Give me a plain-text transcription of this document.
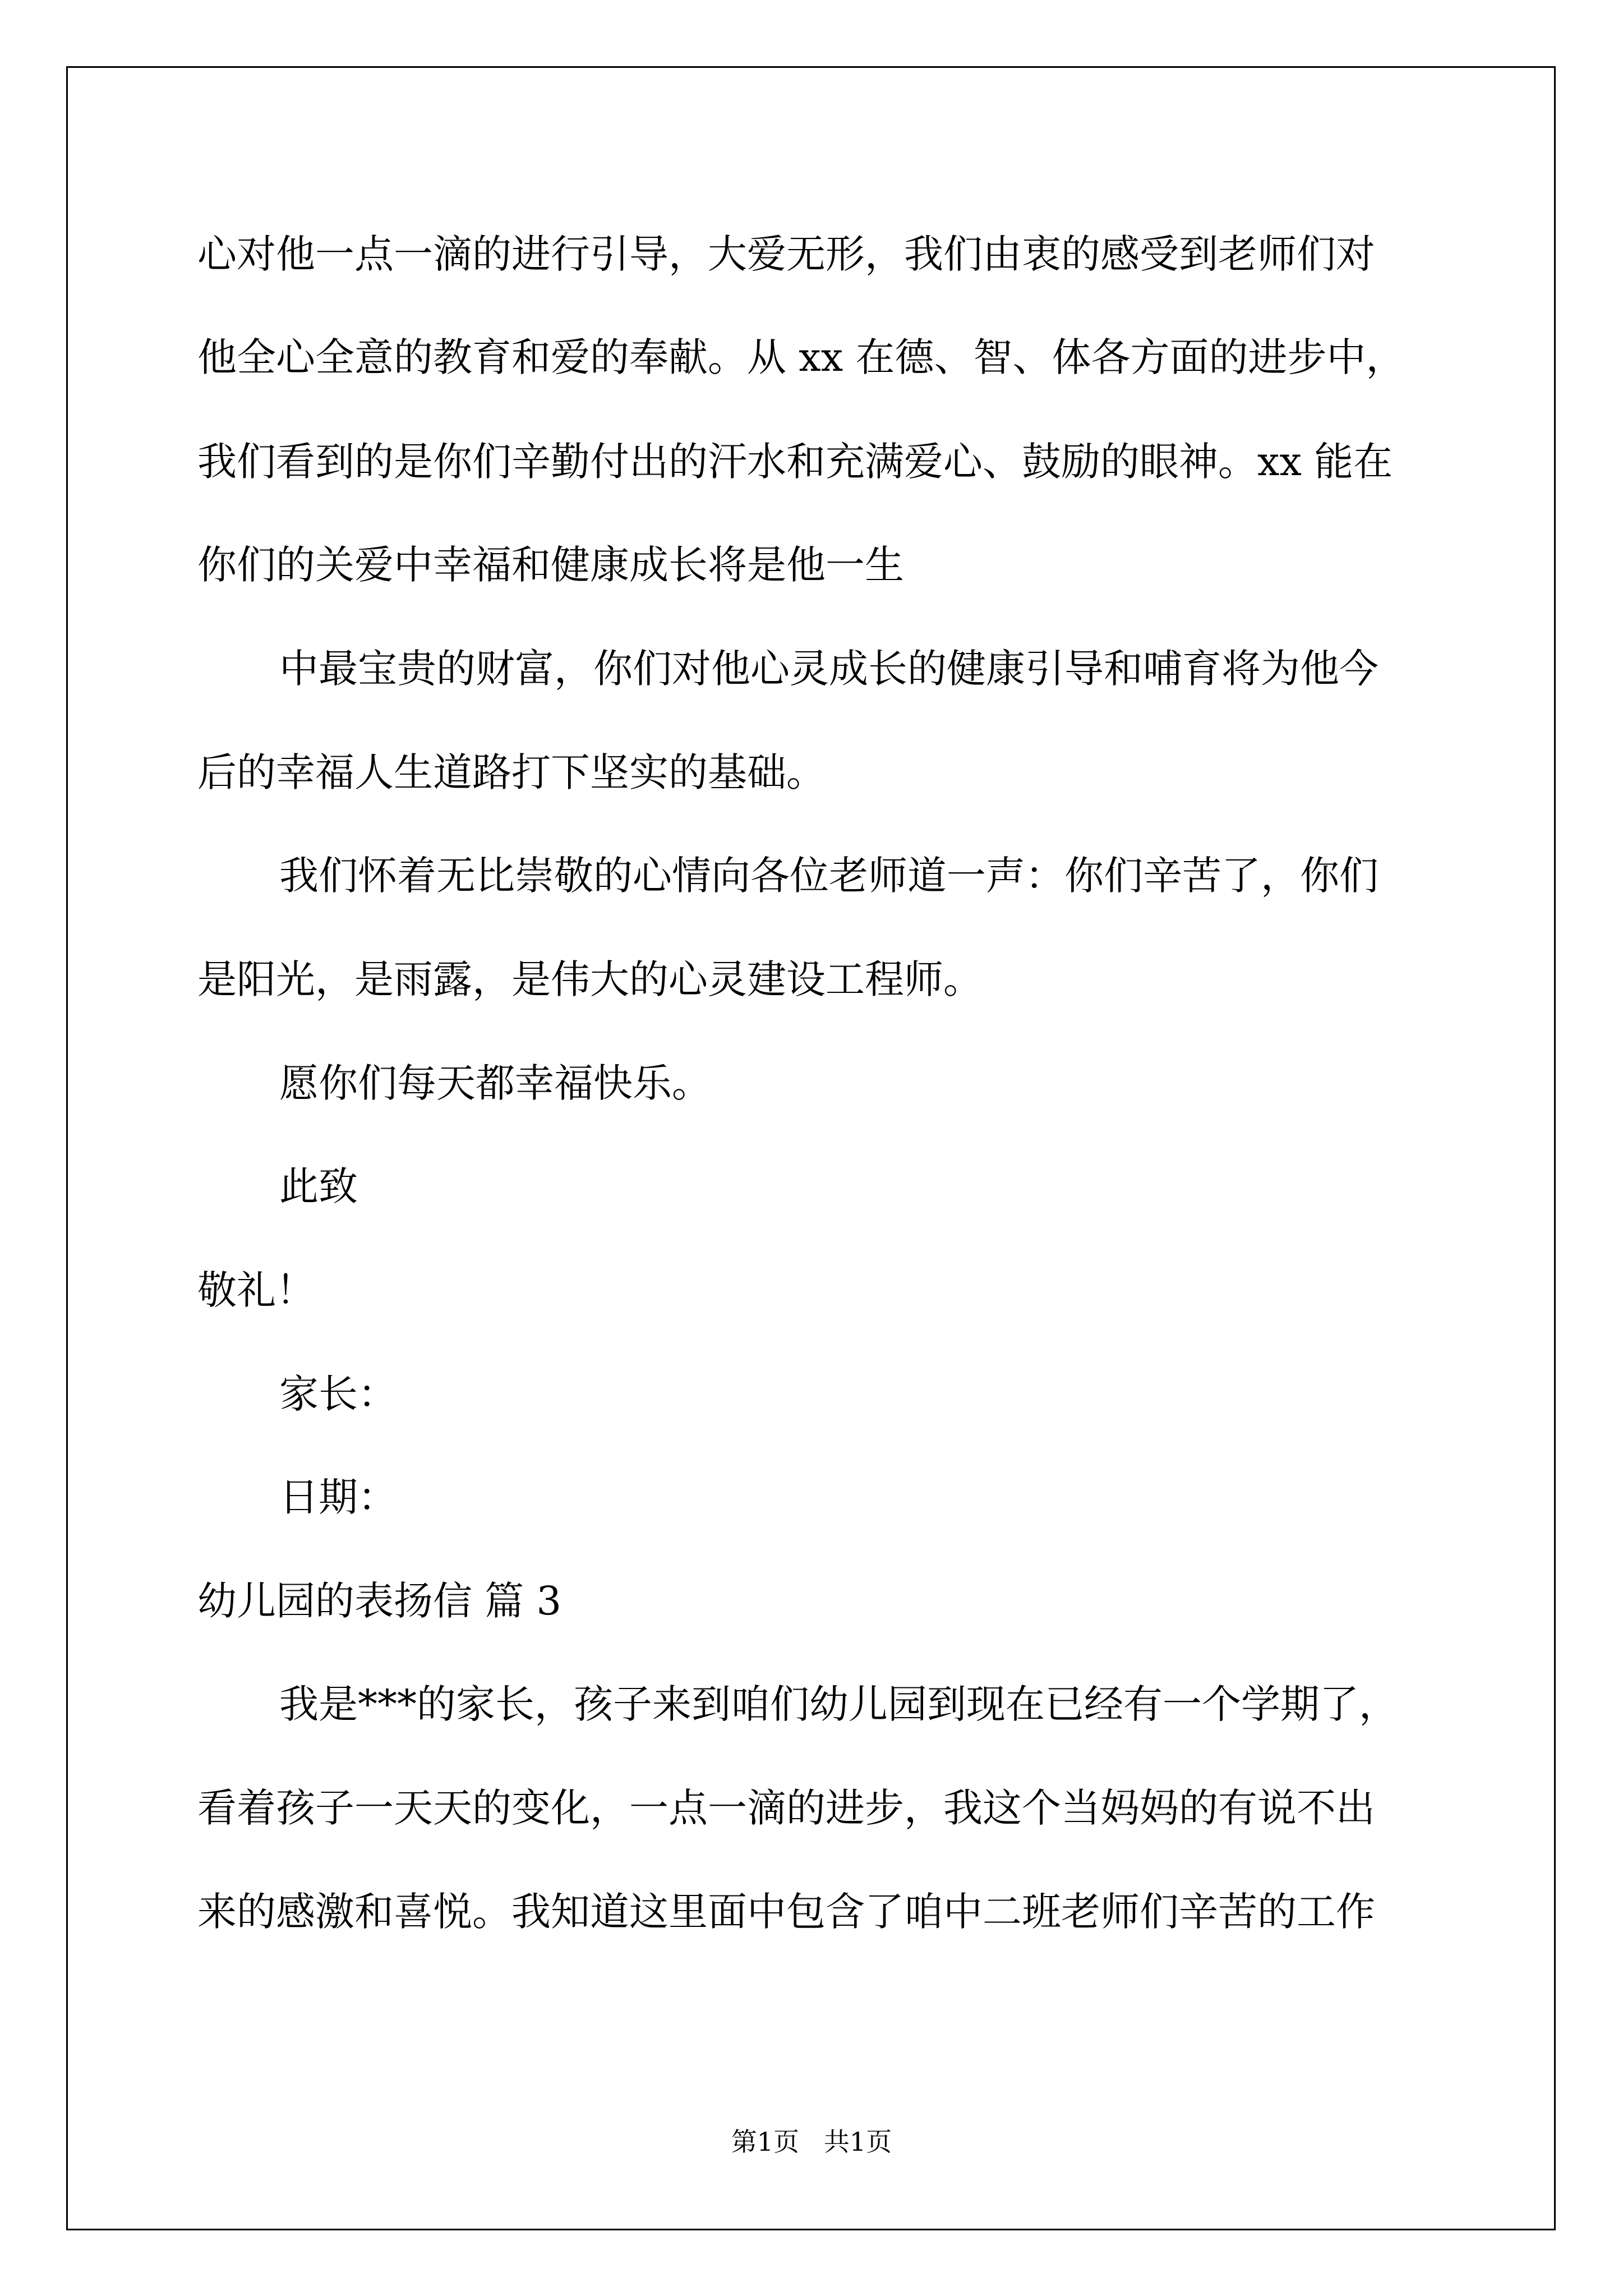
心对他一点一滴的进行引导，大爱无形，我们由衷的感受到老师们对

他全心全意的教育和爱的奉献。从 xx 在德、智、体各方面的进步中，

我们看到的是你们辛勤付出的汗水和充满爱心、鼓励的眼神。xx 能在

你们的关爱中幸福和健康成长将是他一生

中最宝贵的财富，你们对他心灵成长的健康引导和哺育将为他今

后的幸福人生道路打下坚实的基础。

我们怀着无比崇敬的心情向各位老师道一声：你们辛苦了，你们

是阳光，是雨露，是伟大的心灵建设工程师。

愿你们每天都幸福快乐。

此致

敬礼！

家长：

日期：

幼儿园的表扬信 篇 3

我是***的家长，孩子来到咱们幼儿园到现在已经有一个学期了，

看着孩子一天天的变化，一点一滴的进步，我这个当妈妈的有说不出

来的感激和喜悦。我知道这里面中包含了咱中二班老师们辛苦的工作

第1页   共1页
